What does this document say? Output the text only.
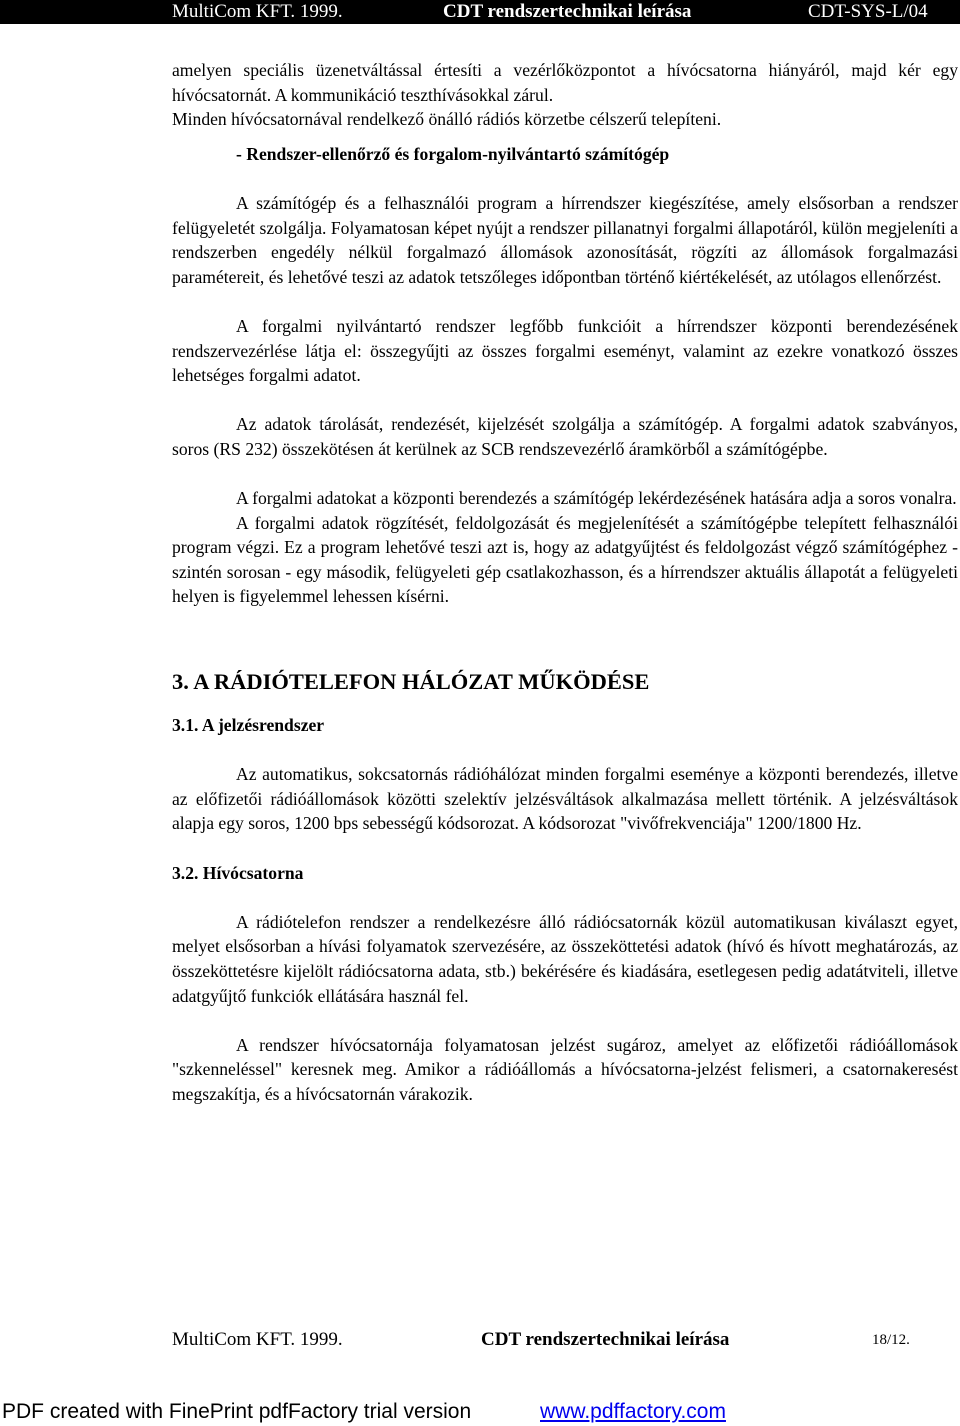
MultiCom KFT. 1999.	CDT rendszertechnikai leírása	CDT-SYS-L/04

amelyen speciális üzenetváltással értesíti a vezérlőközpontot a hívócsatorna hiányáról, majd kér egy hívócsatornát. A kommunikáció teszthívásokkal zárul.

Minden hívócsatornával rendelkező önálló rádiós körzetbe célszerű telepíteni.

- Rendszer-ellenőrző és forgalom-nyilvántartó számítógép

A számítógép és a felhasználói program a hírrendszer kiegészítése, amely elsősorban a rendszer felügyeletét szolgálja. Folyamatosan képet nyújt a rendszer pillanatnyi forgalmi állapotáról, külön megjeleníti a rendszerben engedély nélkül forgalmazó állomások azonosítását, rögzíti az állomások forgalmazási paramétereit, és lehetővé teszi az adatok tetszőleges időpontban történő kiértékelését, az utólagos ellenőrzést.

A forgalmi nyilvántartó rendszer legfőbb funkcióit a hírrendszer központi berendezésének rendszervezérlése látja el: összegyűjti az összes forgalmi eseményt, valamint az ezekre vonatkozó összes lehetséges forgalmi adatot.

Az adatok tárolását, rendezését, kijelzését szolgálja a számítógép. A forgalmi adatok szabványos, soros (RS 232) összekötésen át kerülnek az SCB rendszevezérlő áramkörből a számítógépbe.

A forgalmi adatokat a központi berendezés a számítógép lekérdezésének hatására adja a soros vonalra.

A forgalmi adatok rögzítését, feldolgozását és megjelenítését a számítógépbe telepített felhasználói program végzi. Ez a program lehetővé teszi azt is, hogy az adatgyűjtést és feldolgozást végző számítógéphez - szintén sorosan - egy második, felügyeleti gép csatlakozhasson, és a hírrendszer aktuális állapotát a felügyeleti helyen is figyelemmel lehessen kísérni.

3. A RÁDIÓTELEFON HÁLÓZAT MŰKÖDÉSE
3.1. A jelzésrendszer

Az automatikus, sokcsatornás rádióhálózat minden forgalmi eseménye a központi berendezés, illetve az előfizetői rádióállomások közötti szelektív jelzésváltások alkalmazása mellett történik. A jelzésváltások alapja egy soros, 1200 bps sebességű kódsorozat. A kódsorozat "vivőfrekvenciája" 1200/1800 Hz.

3.2. Hívócsatorna

A rádiótelefon rendszer a rendelkezésre álló rádiócsatornák közül automatikusan kiválaszt egyet, melyet elsősorban a hívási folyamatok szervezésére, az összeköttetési adatok (hívó és hívott meghatározás, az összeköttetésre kijelölt rádiócsatorna adata, stb.) bekérésére és kiadására, esetlegesen pedig adatátviteli, illetve adatgyűjtő funkciók ellátására használ fel.

A rendszer hívócsatornája folyamatosan jelzést sugároz, amelyet az előfizetői rádióállomások "szkenneléssel" keresnek meg. Amikor a rádióállomás a hívócsatorna-jelzést felismeri, a csatornakeresést megszakítja, és a hívócsatornán várakozik.

MultiCom KFT. 1999.	CDT rendszertechnikai leírása	18/12.
PDF created with FinePrint pdfFactory trial version	www.pdffactory.com
